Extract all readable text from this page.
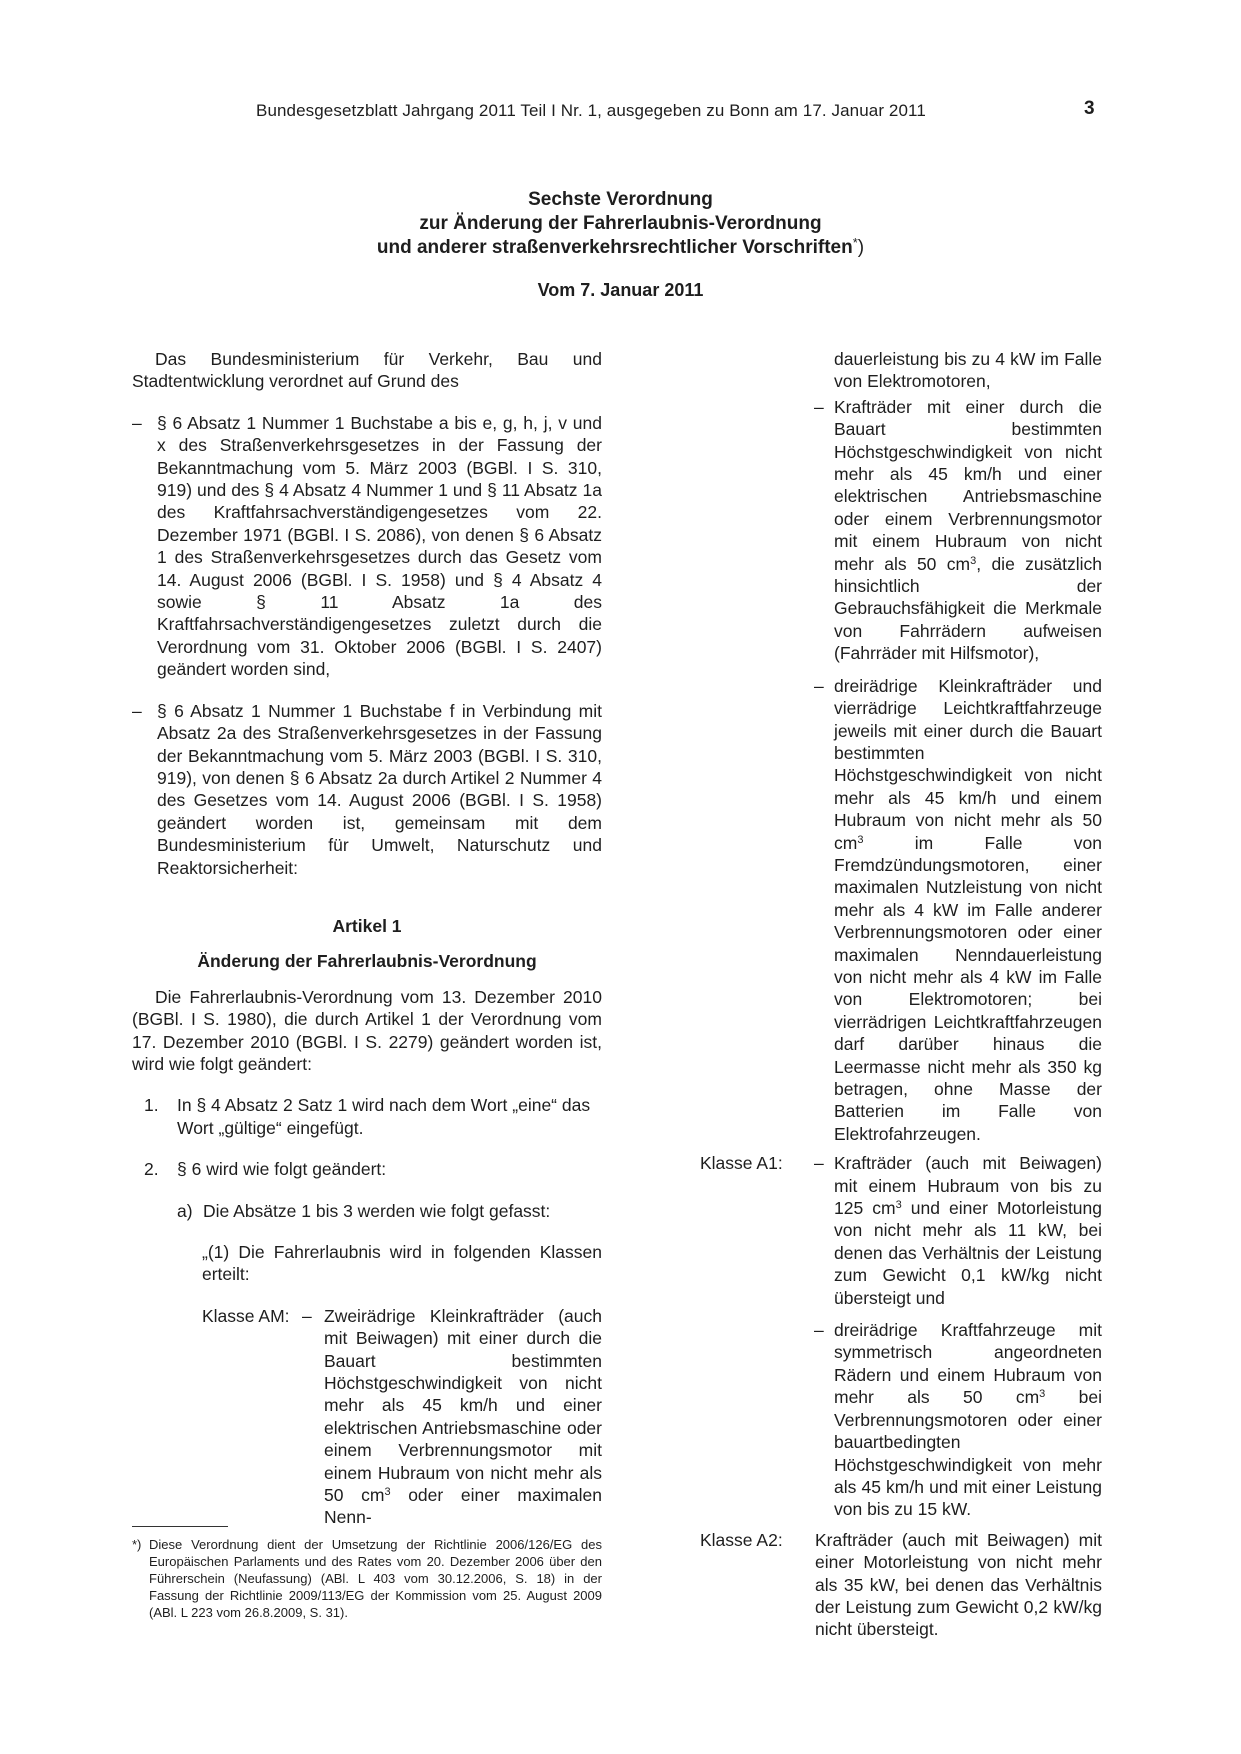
Bundesgesetzblatt Jahrgang 2011 Teil I Nr. 1, ausgegeben zu Bonn am 17. Januar 2011	3
Sechste Verordnung
zur Änderung der Fahrerlaubnis-Verordnung
und anderer straßenverkehrsrechtlicher Vorschriften*)
Vom 7. Januar 2011

Das Bundesministerium für Verkehr, Bau und Stadtentwicklung verordnet auf Grund des

– § 6 Absatz 1 Nummer 1 Buchstabe a bis e, g, h, j, v und x des Straßenverkehrsgesetzes in der Fassung der Bekanntmachung vom 5. März 2003 (BGBl. I S. 310, 919) und des § 4 Absatz 4 Nummer 1 und § 11 Absatz 1a des Kraftfahrsachverständigengesetzes vom 22. Dezember 1971 (BGBl. I S. 2086), von denen § 6 Absatz 1 des Straßenverkehrsgesetzes durch das Gesetz vom 14. August 2006 (BGBl. I S. 1958) und § 4 Absatz 4 sowie § 11 Absatz 1a des Kraftfahrsachverständigengesetzes zuletzt durch die Verordnung vom 31. Oktober 2006 (BGBl. I S. 2407) geändert worden sind,
– § 6 Absatz 1 Nummer 1 Buchstabe f in Verbindung mit Absatz 2a des Straßenverkehrsgesetzes in der Fassung der Bekanntmachung vom 5. März 2003 (BGBl. I S. 310, 919), von denen § 6 Absatz 2a durch Artikel 2 Nummer 4 des Gesetzes vom 14. August 2006 (BGBl. I S. 1958) geändert worden ist, gemeinsam mit dem Bundesministerium für Umwelt, Naturschutz und Reaktorsicherheit:

Artikel 1

Änderung der Fahrerlaubnis-Verordnung

Die Fahrerlaubnis-Verordnung vom 13. Dezember 2010 (BGBl. I S. 1980), die durch Artikel 1 der Verordnung vom 17. Dezember 2010 (BGBl. I S. 2279) geändert worden ist, wird wie folgt geändert:

1. In § 4 Absatz 2 Satz 1 wird nach dem Wort „eine“ das Wort „gültige“ eingefügt.
2. § 6 wird wie folgt geändert:
a) Die Absätze 1 bis 3 werden wie folgt gefasst:

„(1) Die Fahrerlaubnis wird in folgenden Klassen erteilt:

Klasse AM: – Zweirädrige Kleinkrafträder (auch mit Beiwagen) mit einer durch die Bauart bestimmten Höchstgeschwindigkeit von nicht mehr als 45 km/h und einer elektrischen Antriebsmaschine oder einem Verbrennungsmotor mit einem Hubraum von nicht mehr als 50 $cm^3$ oder einer maximalen Nenn-

dauerleistung bis zu 4 kW im Falle von Elektromotoren,

– Krafträder mit einer durch die Bauart bestimmten Höchstgeschwindigkeit von nicht mehr als 45 km/h und einer elektrischen Antriebsmaschine oder einem Verbrennungsmotor mit einem Hubraum von nicht mehr als 50 $cm^3$, die zusätzlich hinsichtlich der Gebrauchsfähigkeit die Merkmale von Fahrrädern aufweisen (Fahrräder mit Hilfsmotor),
– dreirädrige Kleinkrafträder und vierrädrige Leichtkraftfahrzeuge jeweils mit einer durch die Bauart bestimmten Höchstgeschwindigkeit von nicht mehr als 45 km/h und einem Hubraum von nicht mehr als 50 $cm^3$ im Falle von Fremdzündungsmotoren, einer maximalen Nutzleistung von nicht mehr als 4 kW im Falle anderer Verbrennungsmotoren oder einer maximalen Nenndauerleistung von nicht mehr als 4 kW im Falle von Elektromotoren; bei vierrädrigen Leichtkraftfahrzeugen darf darüber hinaus die Leermasse nicht mehr als 350 kg betragen, ohne Masse der Batterien im Falle von Elektrofahrzeugen.
Klasse A1: – Krafträder (auch mit Beiwagen) mit einem Hubraum von bis zu 125 $cm^3$ und einer Motorleistung von nicht mehr als 11 kW, bei denen das Verhältnis der Leistung zum Gewicht 0,1 kW/kg nicht übersteigt und
– dreirädrige Kraftfahrzeuge mit symmetrisch angeordneten Rädern und einem Hubraum von mehr als 50 $cm^3$ bei Verbrennungsmotoren oder einer bauartbedingten Höchstgeschwindigkeit von mehr als 45 km/h und mit einer Leistung von bis zu 15 kW.
Klasse A2: Krafträder (auch mit Beiwagen) mit einer Motorleistung von nicht mehr als 35 kW, bei denen das Verhältnis der Leistung zum Gewicht 0,2 kW/kg nicht übersteigt.
*) Diese Verordnung dient der Umsetzung der Richtlinie 2006/126/EG des Europäischen Parlaments und des Rates vom 20. Dezember 2006 über den Führerschein (Neufassung) (ABl. L 403 vom 30.12.2006, S. 18) in der Fassung der Richtlinie 2009/113/EG der Kommission vom 25. August 2009 (ABl. L 223 vom 26.8.2009, S. 31).
